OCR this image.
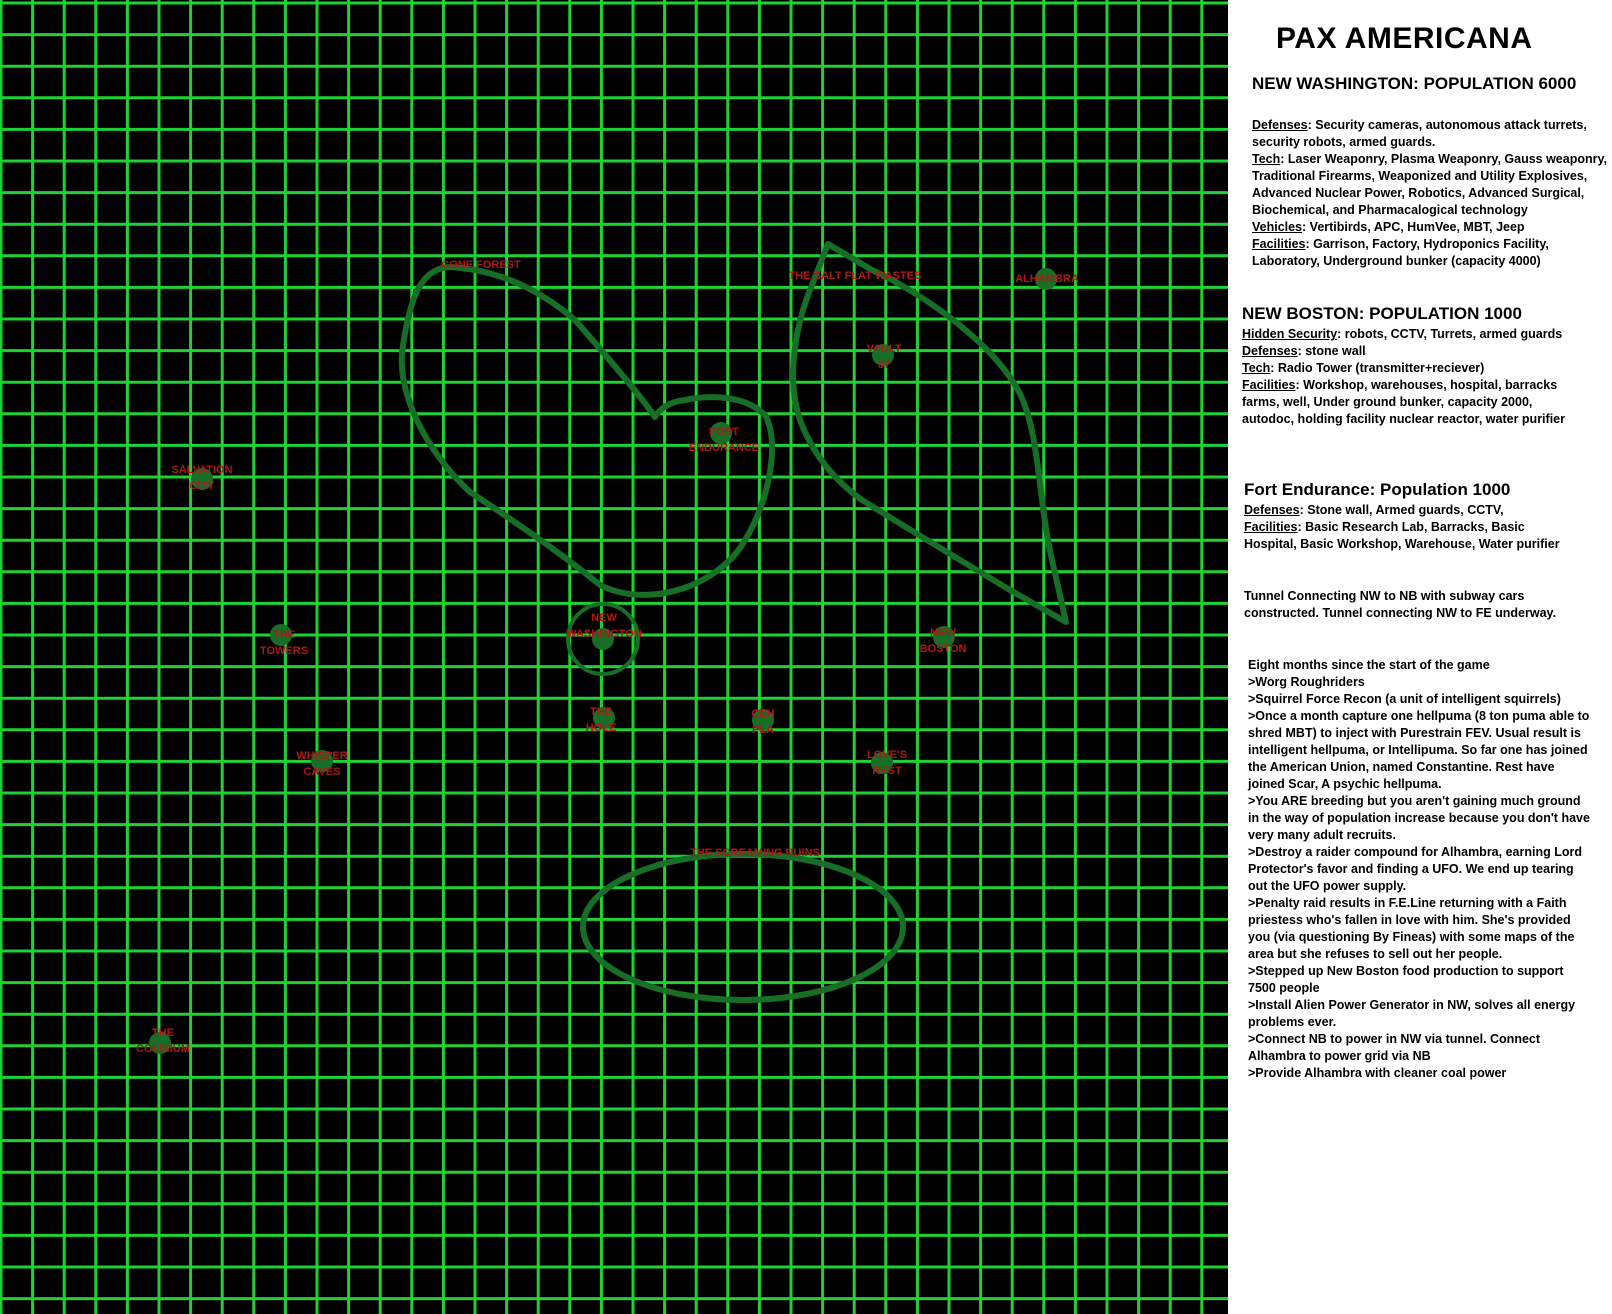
CONE FOREST
THE SALT FLAT WASTES	ALHAMBRA
VAULT
37
FORT
ENDURANCE
SALVATION
CITY
THE
TOWERS
NEW
WASHINGTON	NEW
BOSTON
THE
HOLE
CEH
PLA
WHISPER
CAVES
LOVE'S
REST
THE SCREAMING RUINS
THE
COLISIUM
PAX AMERICANA
NEW WASHINGTON: POPULATION 6000

Defenses: Security cameras, autonomous attack turrets, security robots, armed guards.

Tech: Laser Weaponry, Plasma Weaponry, Gauss weaponry, Traditional Firearms, Weaponized and Utility Explosives, Advanced Nuclear Power, Robotics, Advanced Surgical, Biochemical, and Pharmacalogical technology

Vehicles: Vertibirds, APC, HumVee, MBT, Jeep

Facilities: Garrison, Factory, Hydroponics Facility, Laboratory, Underground bunker (capacity 4000)

NEW BOSTON: POPULATION 1000

Hidden Security: robots, CCTV, Turrets, armed guards

Defenses: stone wall

Tech: Radio Tower (transmitter+reciever)

Facilities: Workshop, warehouses, hospital, barracks farms, well, Under ground bunker, capacity 2000, autodoc, holding facility nuclear reactor, water purifier

Fort Endurance: Population 1000

Defenses: Stone wall, Armed guards, CCTV,

Facilities: Basic Research Lab, Barracks, Basic Hospital, Basic Workshop, Warehouse, Water purifier

Tunnel Connecting NW to NB with subway cars constructed. Tunnel connecting NW to FE underway.

Eight months since the start of the game

>Worg Roughriders

>Squirrel Force Recon (a unit of intelligent squirrels)

>Once a month capture one hellpuma (8 ton puma able to shred MBT) to inject with Purestrain FEV. Usual result is intelligent hellpuma, or Intellipuma. So far one has joined the American Union, named Constantine. Rest have joined Scar, A psychic hellpuma.

>You ARE breeding but you aren't gaining much ground in the way of population increase because you don't have very many adult recruits.

>Destroy a raider compound for Alhambra, earning Lord Protector's favor and finding a UFO. We end up tearing out the UFO power supply.

>Penalty raid results in F.E.Line returning with a Faith priestess who's fallen in love with him. She's provided you (via questioning By Fineas) with some maps of the area but she refuses to sell out her people.

>Stepped up New Boston food production to support 7500 people

>Install Alien Power Generator in NW, solves all energy problems ever.

>Connect NB to power in NW via tunnel. Connect Alhambra to power grid via NB

>Provide Alhambra with cleaner coal power
